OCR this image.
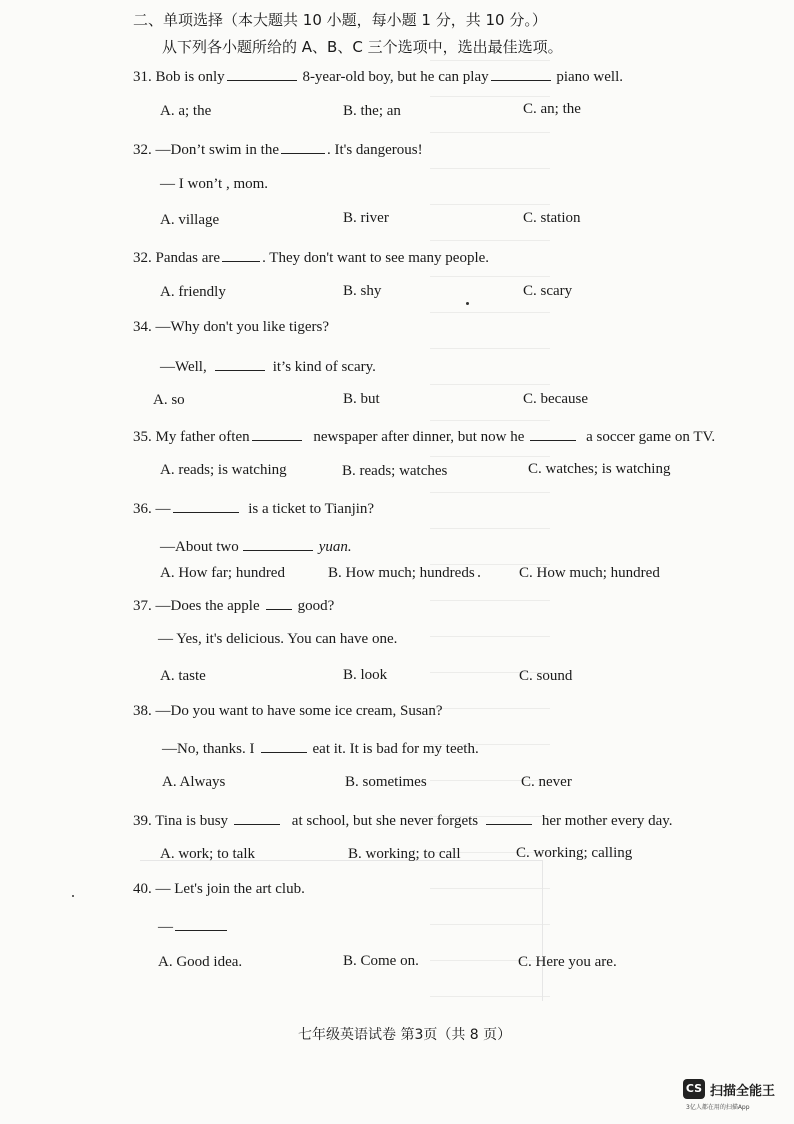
二、单项选择（本大题共 10 小题，每小题 1 分，共 10 分。）
从下列各小题所给的 A、B、C 三个选项中，选出最佳选项。
31. Bob is only	8-year-old boy, but he can play	piano well.
A. a; the	B. the; an	C. an; the
32. —Don’t swim in the	. It's dangerous!
— I won’t , mom.
A. village	B. river	C. station
32. Pandas are	. They don't want to see many people.
A. friendly	B. shy	C. scary
34. —Why don't you like tigers?
—Well,	it’s kind of scary.
A. so	B. but	C. because
35. My father often	newspaper after dinner, but now he	a soccer game on TV.
A. reads; is watching	B. reads; watches	C. watches; is watching
36. —	is a ticket to Tianjin?
—About two	yuan.
A. How far; hundred	B. How much; hundreds	C. How much; hundred
37. —Does the apple	good?
— Yes, it's delicious. You can have one.
A. taste	B. look	C. sound
38. —Do you want to have some ice cream, Susan?
—No, thanks. I	eat it. It is bad for my teeth.
A. Always	B. sometimes	C. never
39. Tina is busy	at school, but she never forgets	her mother every day.
A. work; to talk	B. working; to call	C. working; calling
40. — Let's join the art club.
—
A. Good idea.	B. Come on.	C. Here you are.
七年级英语试卷 第3页（共 8 页）
CS 扫描全能王
3亿人都在用的扫描App
